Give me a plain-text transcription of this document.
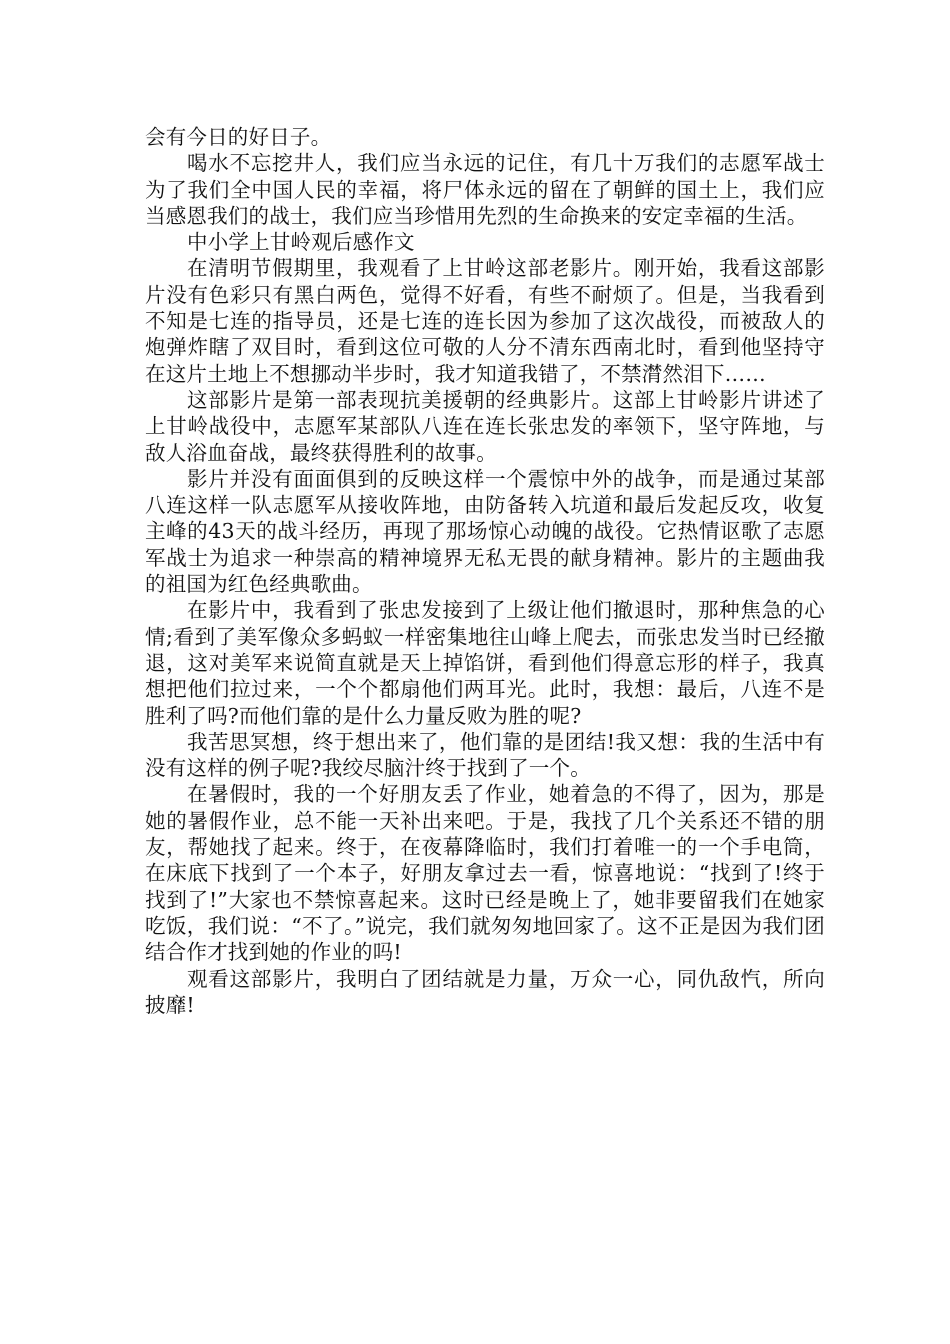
会有今日的好日子。

喝水不忘挖井人，我们应当永远的记住，有几十万我们的志愿军战士为了我们全中国人民的幸福，将尸体永远的留在了朝鲜的国土上，我们应当感恩我们的战士，我们应当珍惜用先烈的生命换来的安定幸福的生活。

中小学上甘岭观后感作文

在清明节假期里，我观看了上甘岭这部老影片。刚开始，我看这部影片没有色彩只有黑白两色，觉得不好看，有些不耐烦了。但是，当我看到不知是七连的指导员，还是七连的连长因为参加了这次战役，而被敌人的炮弹炸瞎了双目时，看到这位可敬的人分不清东西南北时，看到他坚持守在这片土地上不想挪动半步时，我才知道我错了，不禁潸然泪下……

这部影片是第一部表现抗美援朝的经典影片。这部上甘岭影片讲述了上甘岭战役中，志愿军某部队八连在连长张忠发的率领下，坚守阵地，与敌人浴血奋战，最终获得胜利的故事。

影片并没有面面俱到的反映这样一个震惊中外的战争，而是通过某部八连这样一队志愿军从接收阵地，由防备转入坑道和最后发起反攻，收复主峰的43天的战斗经历，再现了那场惊心动魄的战役。它热情讴歌了志愿军战士为追求一种崇高的精神境界无私无畏的献身精神。影片的主题曲我的祖国为红色经典歌曲。

在影片中，我看到了张忠发接到了上级让他们撤退时，那种焦急的心情;看到了美军像众多蚂蚁一样密集地往山峰上爬去，而张忠发当时已经撤退，这对美军来说简直就是天上掉馅饼，看到他们得意忘形的样子，我真想把他们拉过来，一个个都扇他们两耳光。此时，我想：最后，八连不是胜利了吗?而他们靠的是什么力量反败为胜的呢?

我苦思冥想，终于想出来了，他们靠的是团结!我又想：我的生活中有没有这样的例子呢?我绞尽脑汁终于找到了一个。

在暑假时，我的一个好朋友丢了作业，她着急的不得了，因为，那是她的暑假作业，总不能一天补出来吧。于是，我找了几个关系还不错的朋友，帮她找了起来。终于，在夜幕降临时，我们打着唯一的一个手电筒，在床底下找到了一个本子，好朋友拿过去一看，惊喜地说：“找到了!终于找到了!”大家也不禁惊喜起来。这时已经是晚上了，她非要留我们在她家吃饭，我们说：“不了。”说完，我们就匆匆地回家了。这不正是因为我们团结合作才找到她的作业的吗!

观看这部影片，我明白了团结就是力量，万众一心，同仇敌忾，所向披靡!
